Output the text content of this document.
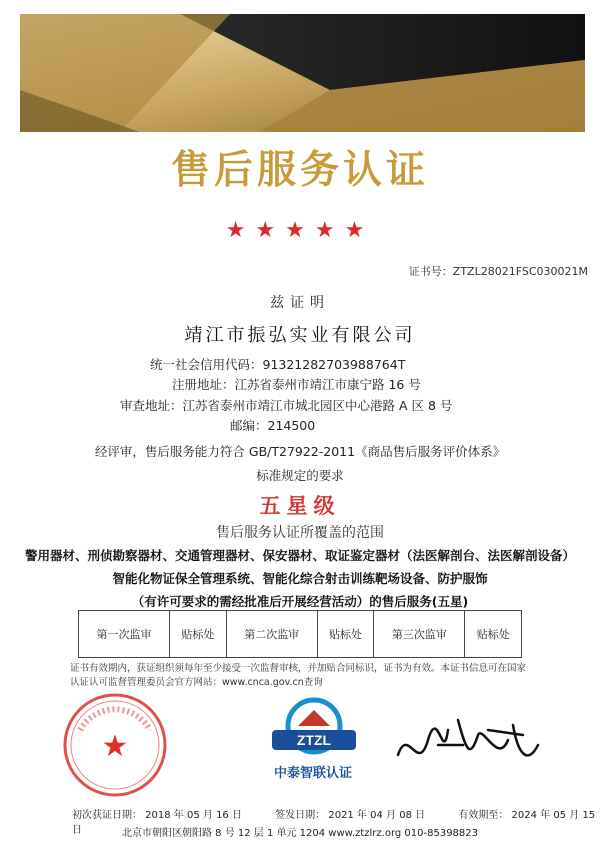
售后服务认证
★★★★★
证书号：ZTZL28021FSC030021M
兹证明
靖江市振弘实业有限公司
统一社会信用代码：91321282703988764T
注册地址：江苏省泰州市靖江市康宁路 16 号
审查地址：江苏省泰州市靖江市城北园区中心港路 A 区 8 号
邮编：214500
经评审，售后服务能力符合 GB/T27922-2011《商品售后服务评价体系》
标准规定的要求
五星级
售后服务认证所覆盖的范围
警用器材、刑侦勘察器材、交通管理器材、保安器材、取证鉴定器材（法医解剖台、法医解剖设备）
智能化物证保全管理系统、智能化综合射击训练靶场设备、防护服饰
（有许可要求的需经批准后开展经营活动）的售后服务(五星)
第一次监审	贴标处	第二次监审	贴标处	第三次监审	贴标处
证书有效期内，获证组织须每年至少接受一次监督审核，并加贴合同标识，证书为有效。本证书信息可在国家
认证认可监督管理委员会官方网站：www.cnca.gov.cn查询
★	ZTZL
中泰智联认证
初次获证日期： 2018 年 05 月 16 日	签发日期： 2021 年 04 月 08 日	有效期至： 2024 年 05 月 15 日	北京市朝阳区朝阳路 8 号 12 层 1 单元 1204 www.ztzlrz.org 010-85398823
